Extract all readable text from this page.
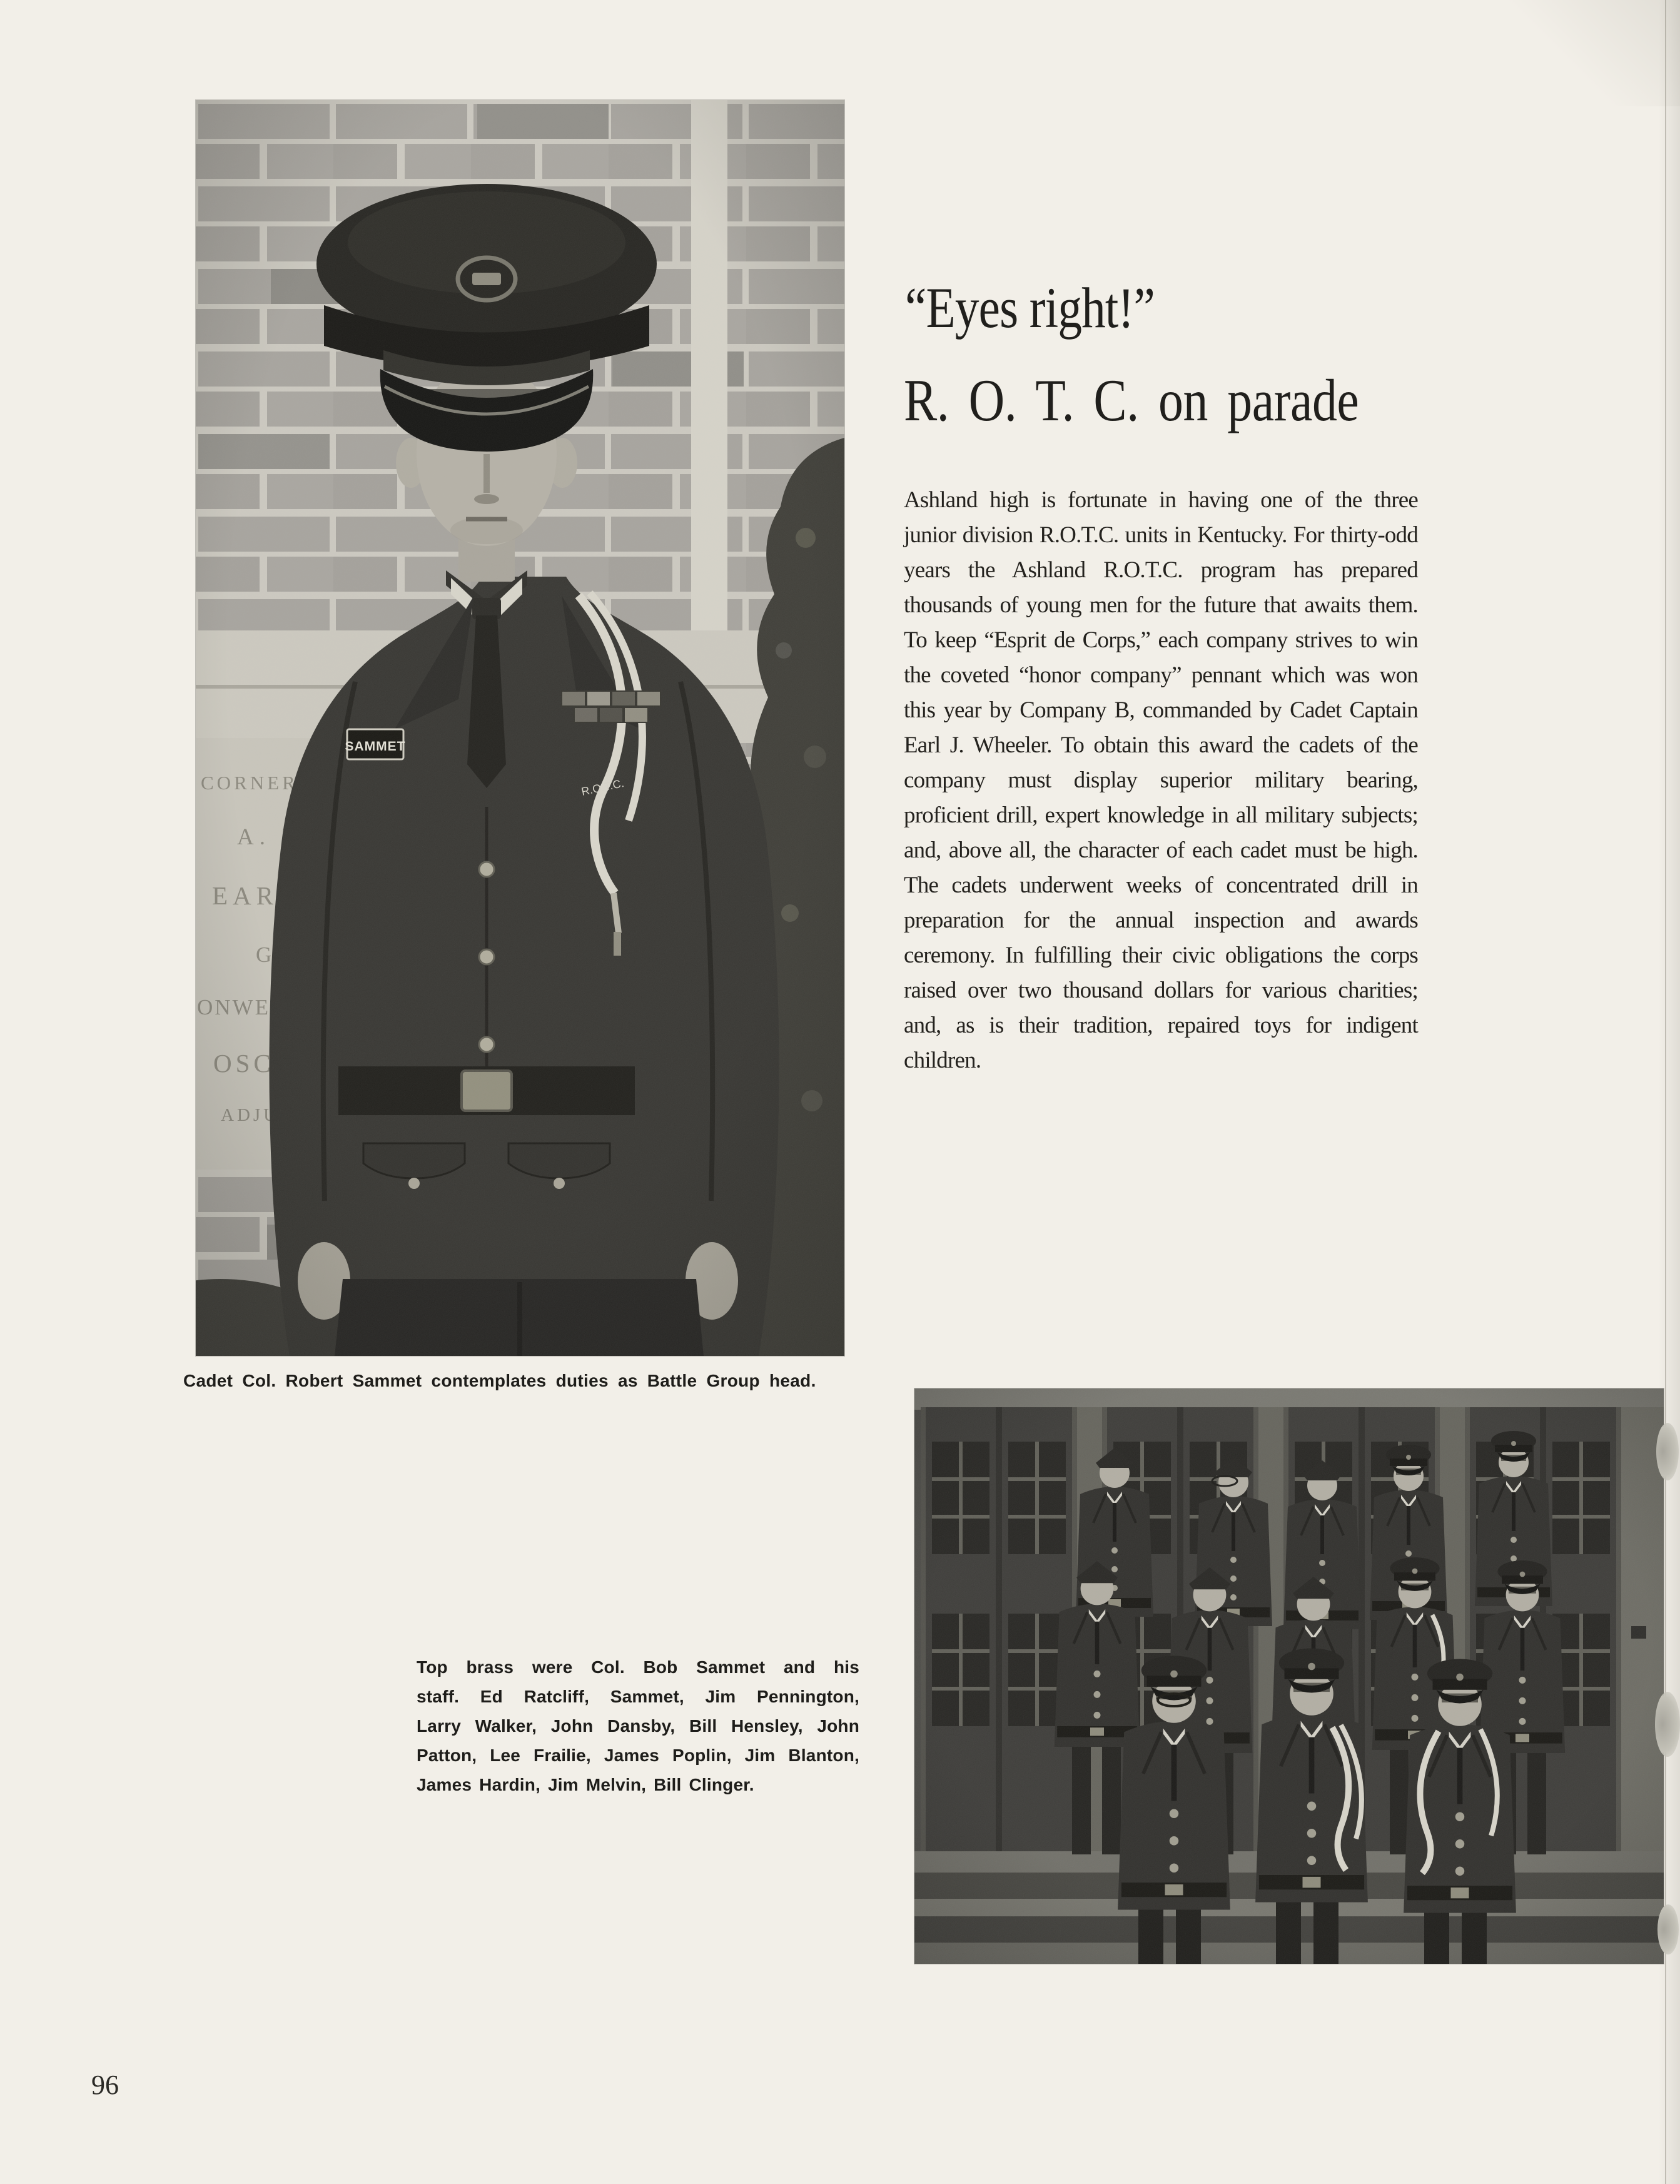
Cadet Col. Robert Sammet contemplates duties as Battle Group head.
“Eyes right!”
R. O. T. C. on parade

Ashland high is fortunate in having one of the three junior division R.O.T.C. units in Kentucky. For thirty-odd years the Ashland R.O.T.C. program has prepared thousands of young men for the future that awaits them. To keep “Esprit de Corps,” each company strives to win the coveted “honor company” pennant which was won this year by Company B, commanded by Cadet Captain Earl J. Wheeler. To obtain this award the cadets of the company must display superior military bearing, proficient drill, expert knowledge in all military subjects; and, above all, the character of each cadet must be high. The cadets underwent weeks of concentrated drill in preparation for the annual inspection and awards ceremony. In fulfilling their civic obligations the corps raised over two thousand dollars for various charities; and, as is their tradition, repaired toys for indigent children.

Top brass were Col. Bob Sammet and his
staff. Ed Ratcliff, Sammet, Jim Pennington,
Larry Walker, John Dansby, Bill Hensley, John
Patton, Lee Frailie, James Poplin, Jim Blanton,
James Hardin, Jim Melvin, Bill Clinger.
96
